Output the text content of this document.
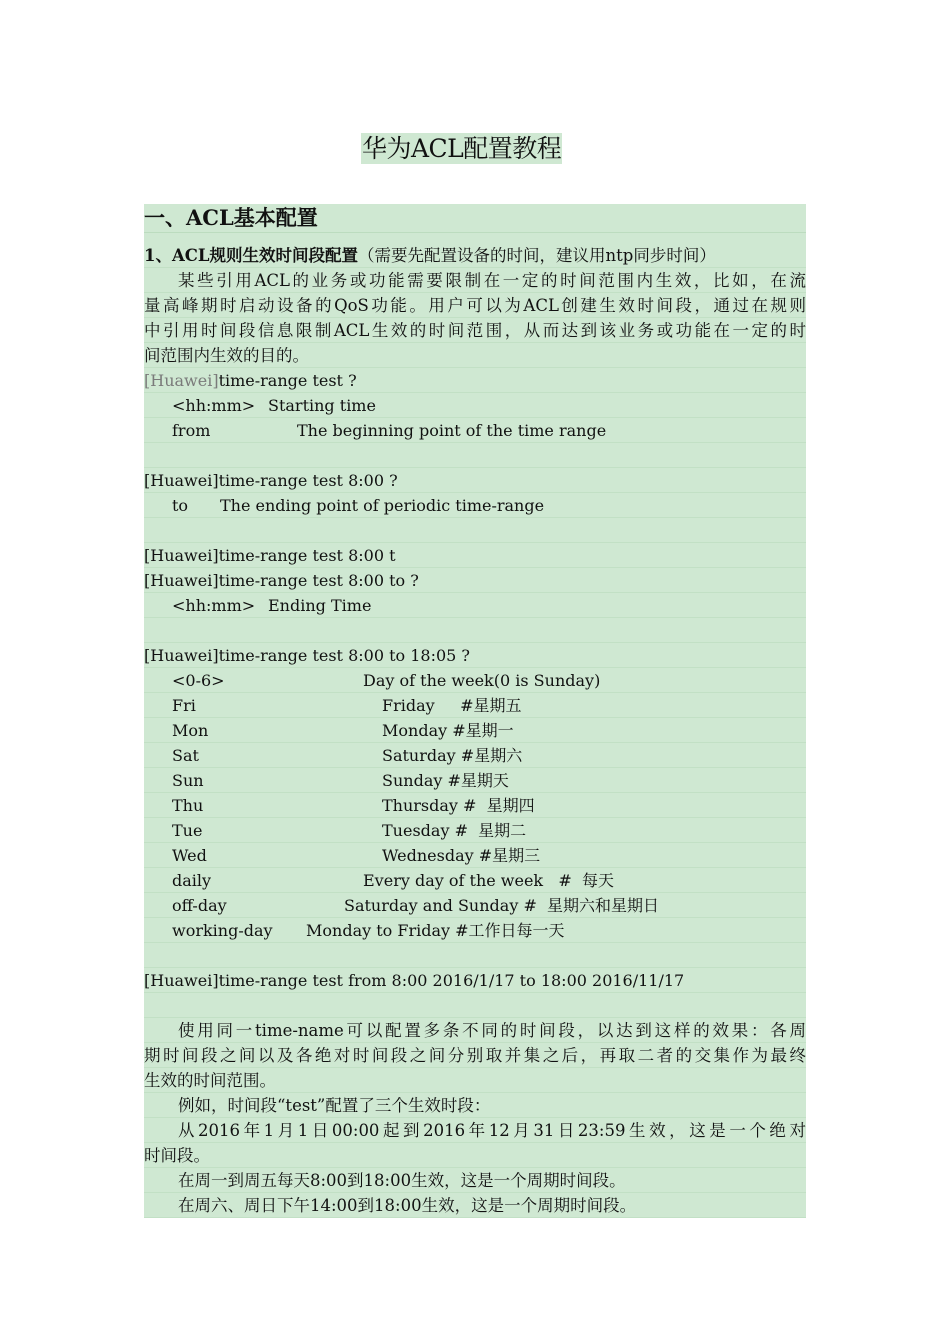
华为ACL配置教程
一、ACL基本配置
1、ACL规则生效时间段配置（需要先配置设备的时间，建议用ntp同步时间）
某些引用ACL的业务或功能需要限制在一定的时间范围内生效，比如，在流
量高峰期时启动设备的QoS功能。用户可以为ACL创建生效时间段，通过在规则
中引用时间段信息限制ACL生效的时间范围，从而达到该业务或功能在一定的时
间范围内生效的目的。
[Huawei]time-range test ?
<hh:mm> Starting time
from	The beginning point of the time range
[Huawei]time-range test 8:00 ?
to The ending point of periodic time-range
[Huawei]time-range test 8:00 t
[Huawei]time-range test 8:00 to ?
<hh:mm> Ending Time
[Huawei]time-range test 8:00 to 18:05 ?
<0-6>	Day of the week(0 is Sunday)
Fri	Friday     #星期五
Mon	Monday #星期一
Sat	Saturday #星期六
Sun	Sunday #星期天
Thu	Thursday #  星期四
Tue	Tuesday #  星期二
Wed	Wednesday #星期三
daily	Every day of the week   #  每天
off-day	Saturday and Sunday #  星期六和星期日
working-day Monday to Friday #工作日每一天
[Huawei]time-range test from 8:00 2016/1/17 to 18:00 2016/11/17
使用同一time-name可以配置多条不同的时间段，以达到这样的效果：各周
期时间段之间以及各绝对时间段之间分别取并集之后，再取二者的交集作为最终
生效的时间范围。
例如，时间段“test”配置了三个生效时段：
从2016年1月1日00:00起到2016年12月31日23:59生效，这是一个绝对
时间段。
在周一到周五每天8:00到18:00生效，这是一个周期时间段。
在周六、周日下午14:00到18:00生效，这是一个周期时间段。
